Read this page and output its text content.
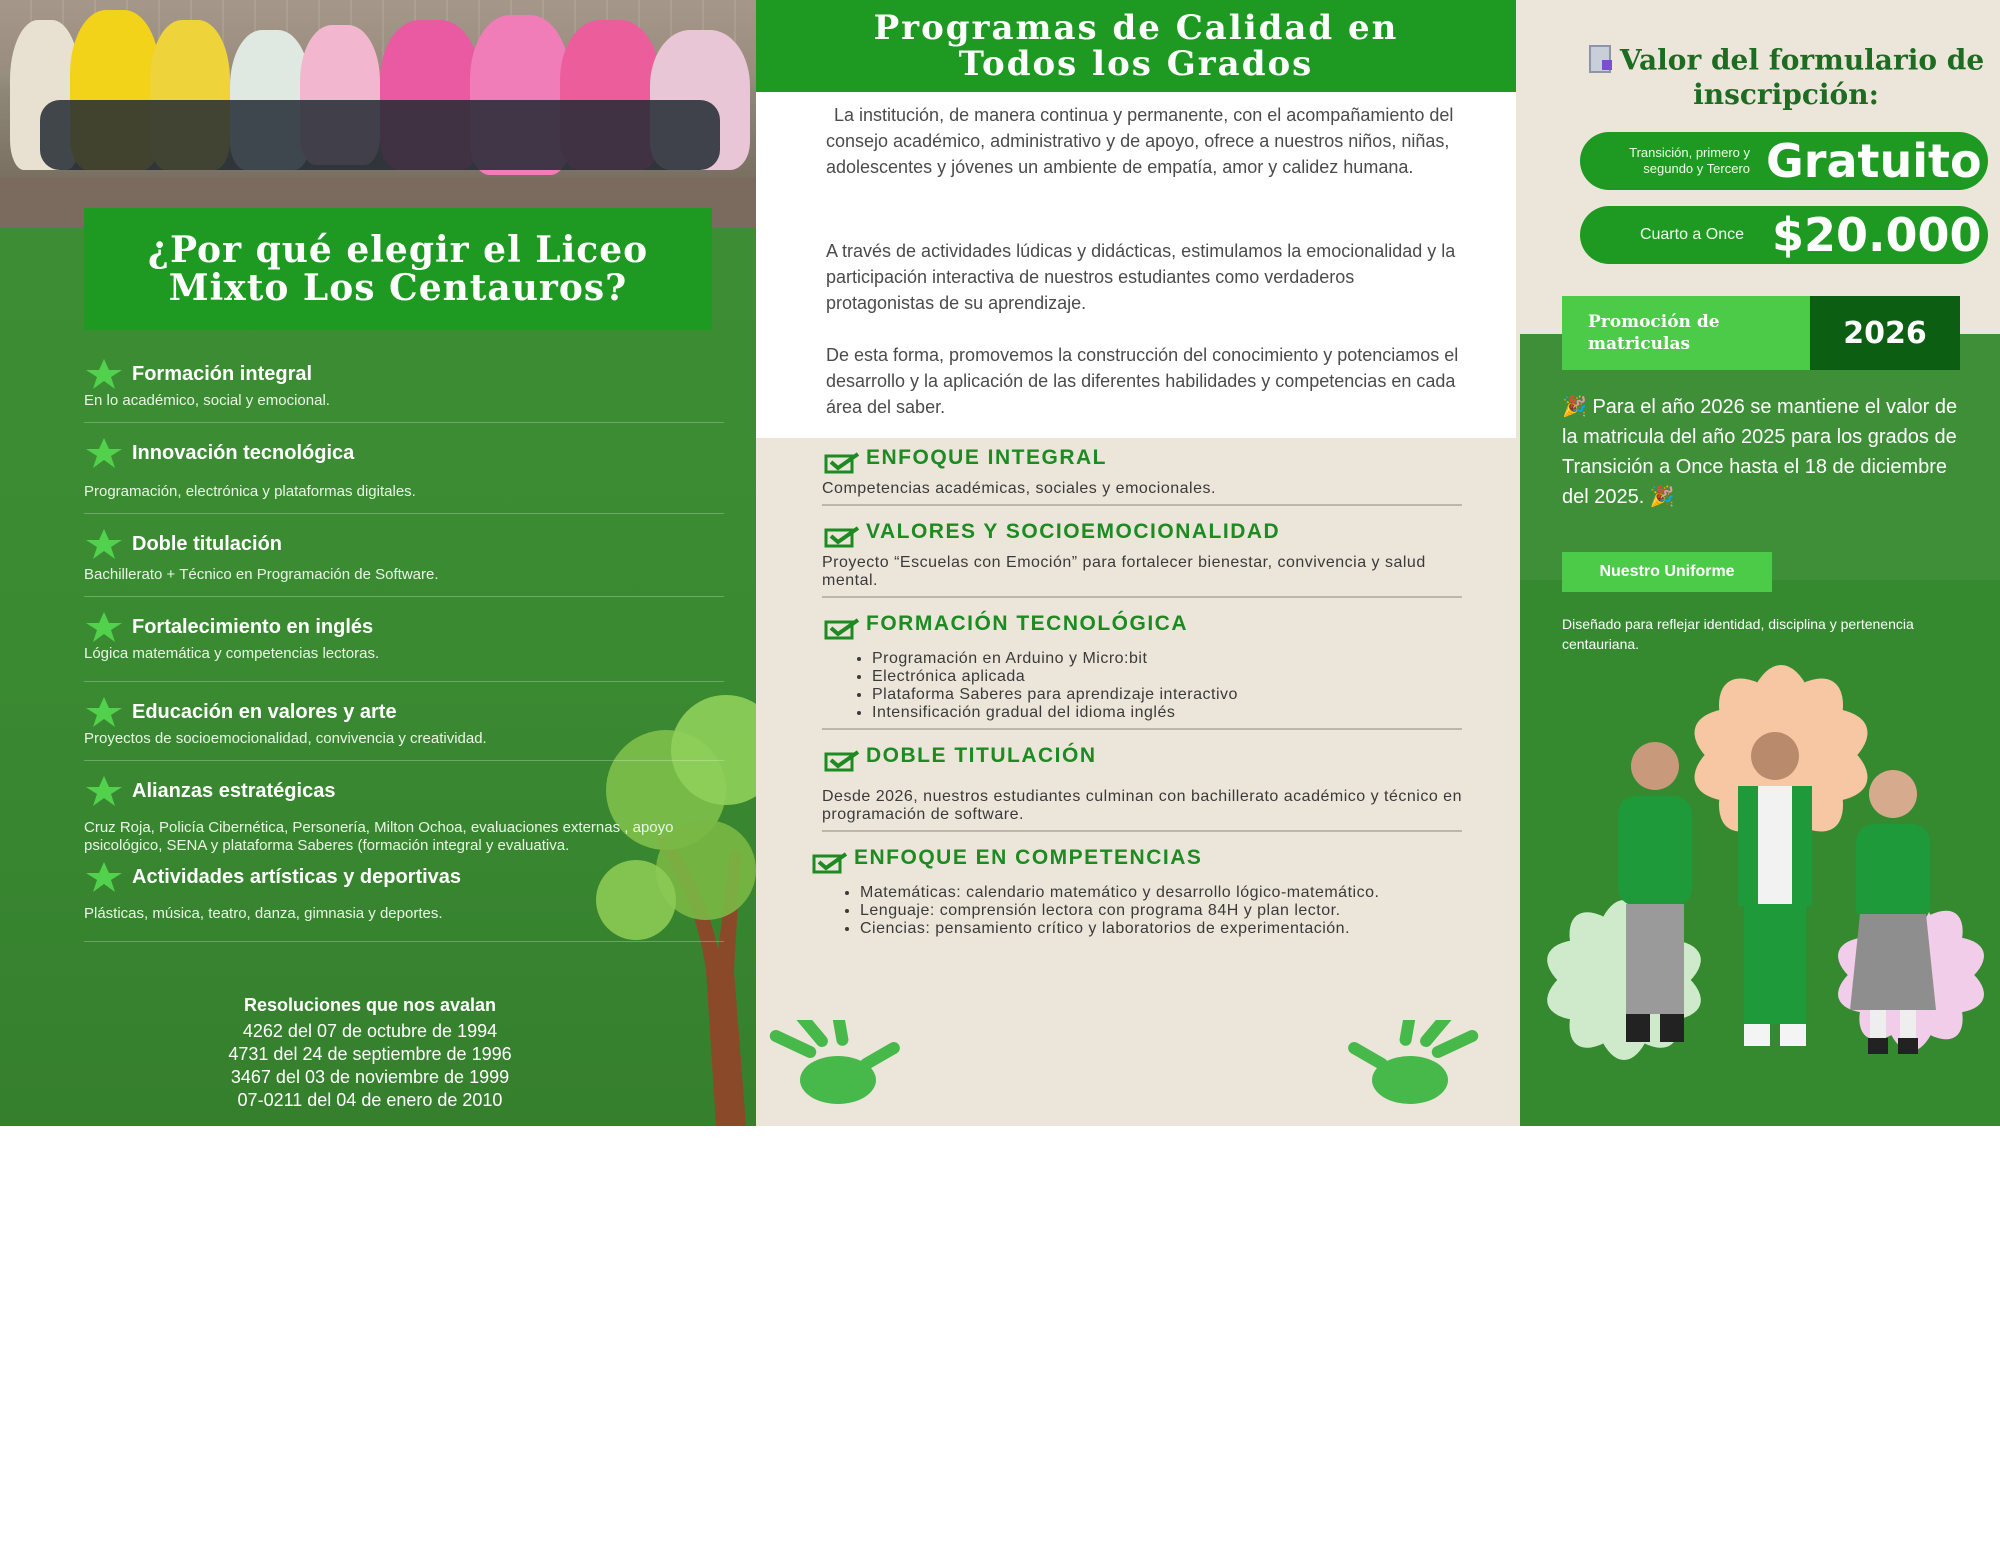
¿Por qué elegir el Liceo Mixto Los Centauros?
Formación integral
En lo académico, social y emocional.
Innovación tecnológica
Programación, electrónica y plataformas digitales.
Doble titulación
Bachillerato + Técnico en Programación de Software.
Fortalecimiento en inglés
Lógica matemática y competencias lectoras.
Educación en valores y arte
Proyectos de socioemocionalidad, convivencia y creatividad.
Alianzas estratégicas
Cruz Roja, Policía Cibernética, Personería, Milton Ochoa, evaluaciones externas , apoyo psicológico, SENA y plataforma Saberes (formación integral y evaluativa.
Actividades artísticas y deportivas
Plásticas, música, teatro, danza, gimnasia y deportes.
Resoluciones que nos avalan
4262 del 07 de octubre de 1994
4731 del 24 de septiembre de 1996
3467 del 03 de noviembre de 1999
07-0211 del 04 de enero de 2010
Programas de Calidad en
Todos los Grados

La institución, de manera continua y permanente, con el acompañamiento del consejo académico, administrativo y de apoyo, ofrece a nuestros niños, niñas, adolescentes y jóvenes un ambiente de empatía, amor y calidez humana.

A través de actividades lúdicas y didácticas, estimulamos la emocionalidad y la participación interactiva de nuestros estudiantes como verdaderos protagonistas de su aprendizaje.

De esta forma, promovemos la construcción del conocimiento y potenciamos el desarrollo y la aplicación de las diferentes habilidades y competencias en cada área del saber.

ENFOQUE INTEGRAL
Competencias académicas, sociales y emocionales.
VALORES Y SOCIOEMOCIONALIDAD
Proyecto “Escuelas con Emoción” para fortalecer bienestar, convivencia y salud mental.
FORMACIÓN TECNOLÓGICA
• Programación en Arduino y Micro:bit
• Electrónica aplicada
• Plataforma Saberes para aprendizaje interactivo
• Intensificación gradual del idioma inglés
DOBLE TITULACIÓN
Desde 2026, nuestros estudiantes culminan con bachillerato académico y técnico en programación de software.
ENFOQUE EN COMPETENCIAS
• Matemáticas: calendario matemático y desarrollo lógico-matemático.
• Lenguaje: comprensión lectora con programa 84H y plan lector.
• Ciencias: pensamiento crítico y laboratorios de experimentación.
Valor del formulario de inscripción:
Transición, primero y segundo y Tercero Gratuito
Cuarto a Once $20.000
Promoción de matriculas	2026
🎉 Para el año 2026 se mantiene el valor de la matricula del año 2025 para los grados de Transición a Once hasta el 18 de diciembre del 2025. 🎉
Nuestro Uniforme
Diseñado para reflejar identidad, disciplina y pertenencia centauriana.
